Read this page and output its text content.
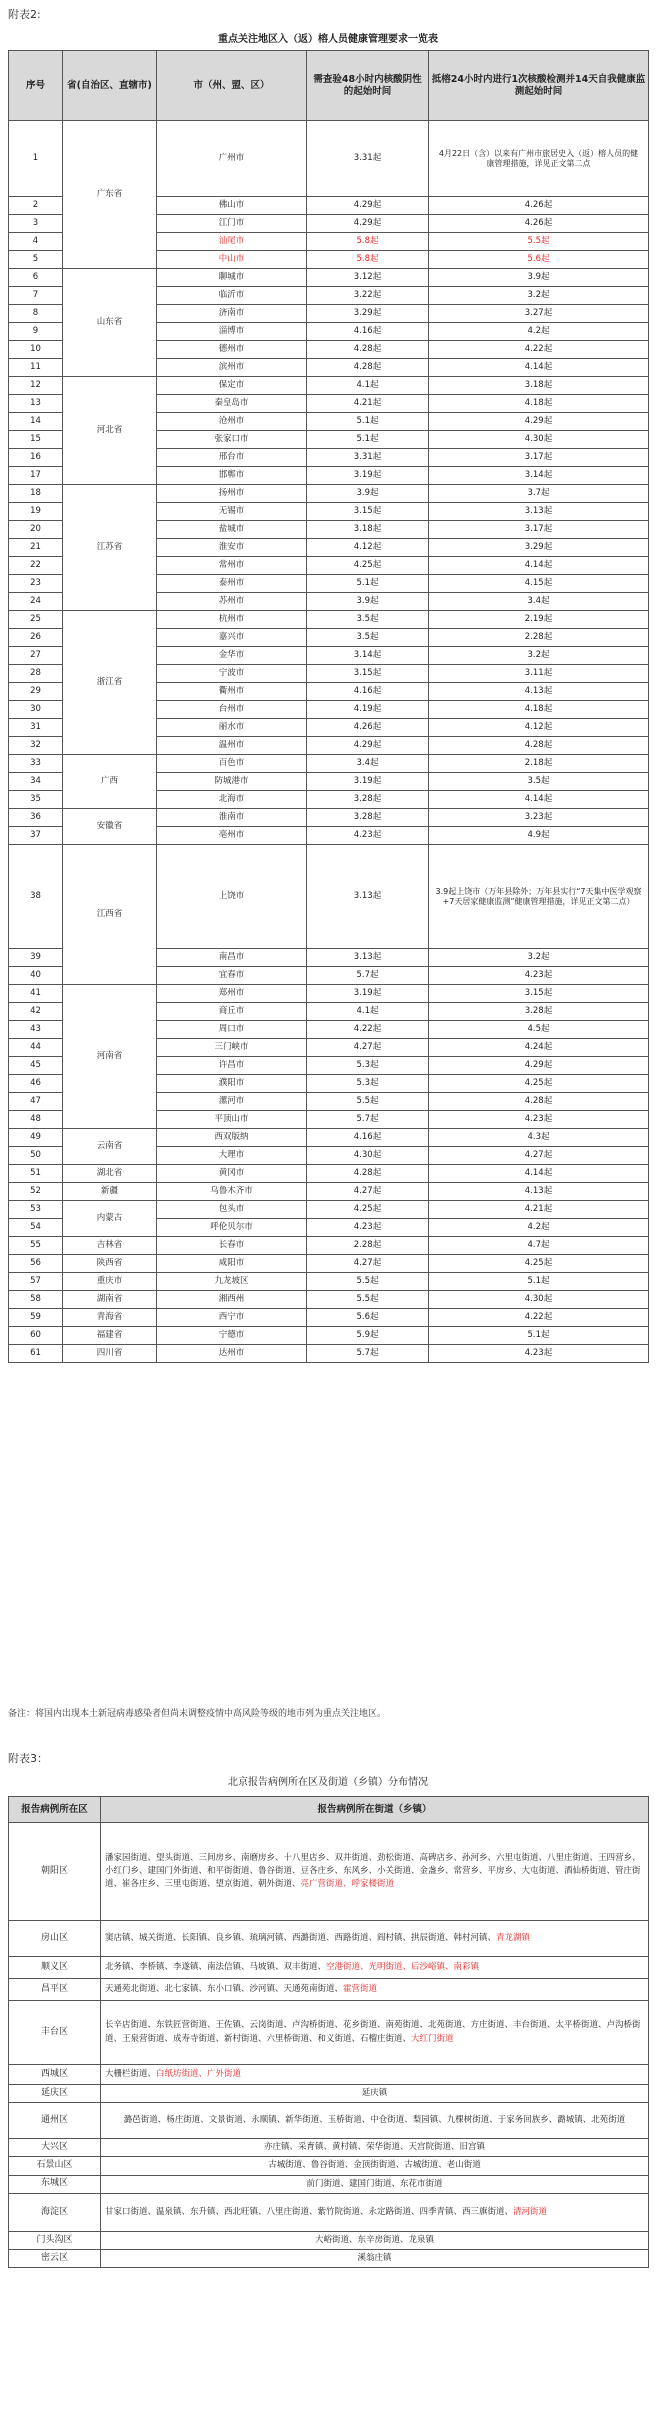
附表2:
重点关注地区入（返）榕人员健康管理要求一览表
序号	省(自治区、直辖市)	市（州、盟、区）	需查验48小时内核酸阴性的起始时间	抵榕24小时内进行1次核酸检测并14天自我健康监测起始时间
1	广东省	广州市	3.31起	4月22日（含）以来有广州市旅居史入（返）榕人员的健康管理措施，详见正文第二点
2		佛山市	4.29起	4.26起
3		江门市	4.29起	4.26起
4		汕尾市	5.8起	5.5起
5		中山市	5.8起	5.6起
6	山东省	聊城市	3.12起	3.9起
7		临沂市	3.22起	3.2起
8		济南市	3.29起	3.27起
9		淄博市	4.16起	4.2起
10		德州市	4.28起	4.22起
11		滨州市	4.28起	4.14起
12	河北省	保定市	4.1起	3.18起
13		秦皇岛市	4.21起	4.18起
14		沧州市	5.1起	4.29起
15		张家口市	5.1起	4.30起
16		邢台市	3.31起	3.17起
17		邯郸市	3.19起	3.14起
18	江苏省	扬州市	3.9起	3.7起
19		无锡市	3.15起	3.13起
20		盐城市	3.18起	3.17起
21		淮安市	4.12起	3.29起
22		常州市	4.25起	4.14起
23		泰州市	5.1起	4.15起
24		苏州市	3.9起	3.4起
25	浙江省	杭州市	3.5起	2.19起
26		嘉兴市	3.5起	2.28起
27		金华市	3.14起	3.2起
28		宁波市	3.15起	3.11起
29		衢州市	4.16起	4.13起
30		台州市	4.19起	4.18起
31		丽水市	4.26起	4.12起
32		温州市	4.29起	4.28起
33	广西	百色市	3.4起	2.18起
34		防城港市	3.19起	3.5起
35		北海市	3.28起	4.14起
36	安徽省	淮南市	3.28起	3.23起
37		亳州市	4.23起	4.9起
38	江西省	上饶市	3.13起	3.9起上饶市（万年县除外；万年县实行“7天集中医学观察+7天居家健康监测”健康管理措施，详见正文第二点）
39		南昌市	3.13起	3.2起
40		宜春市	5.7起	4.23起
41	河南省	郑州市	3.19起	3.15起
42		商丘市	4.1起	3.28起
43		周口市	4.22起	4.5起
44		三门峡市	4.27起	4.24起
45		许昌市	5.3起	4.29起
46		濮阳市	5.3起	4.25起
47		漯河市	5.5起	4.28起
48		平顶山市	5.7起	4.23起
49	云南省	西双版纳	4.16起	4.3起
50		大理市	4.30起	4.27起
51	湖北省	黄冈市	4.28起	4.14起
52	新疆	乌鲁木齐市	4.27起	4.13起
53	内蒙古	包头市	4.25起	4.21起
54		呼伦贝尔市	4.23起	4.2起
55	吉林省	长春市	2.28起	4.7起
56	陕西省	咸阳市	4.27起	4.25起
57	重庆市	九龙坡区	5.5起	5.1起
58	湖南省	湘西州	5.5起	4.30起
59	青海省	西宁市	5.6起	4.22起
60	福建省	宁德市	5.9起	5.1起
61	四川省	达州市	5.7起	4.23起
备注：将国内出现本土新冠病毒感染者但尚未调整疫情中高风险等级的地市列为重点关注地区。
附表3：
北京报告病例所在区及街道（乡镇）分布情况
报告病例所在区	报告病例所在街道（乡镇）
朝阳区	潘家园街道、望头街道、三间房乡、南磨房乡、十八里店乡、双井街道、劲松街道、高碑店乡、孙河乡、六里屯街道、八里庄街道、王四营乡、小红门乡、建国门外街道、和平街街道、鲁谷街道、豆各庄乡、东风乡、小关街道、金盏乡、常营乡、平房乡、大屯街道、酒仙桥街道、管庄街道、崔各庄乡、三里屯街道、望京街道、朝外街道、亮广营街道、呼家楼街道
房山区	窦店镇、城关街道、长阳镇、良乡镇、琉璃河镇、西潞街道、西路街道、阎村镇、拱辰街道、韩村河镇、青龙湖镇
顺义区	北务镇、李桥镇、李遂镇、南法信镇、马坡镇、双丰街道、空港街道、光明街道、后沙峪镇、南彩镇
昌平区	天通苑北街道、北七家镇、东小口镇、沙河镇、天通苑南街道、霍营街道
丰台区	长辛店街道、东铁匠营街道、王佐镇、云岗街道、卢沟桥街道、花乡街道、南苑街道、北苑街道、方庄街道、丰台街道、太平桥街道、卢沟桥街道、王泉营街道、成寿寺街道、新村街道、六里桥街道、和义街道、石榴庄街道、大红门街道
西城区	大栅栏街道、白纸坊街道、广外街道
延庆区	延庆镇
通州区	潞邑街道、杨庄街道、文景街道、永顺镇、新华街道、玉桥街道、中仓街道、梨园镇、九棵树街道、于家务回族乡、潞城镇、北苑街道
大兴区	亦庄镇、采育镇、黄村镇、荣华街道、天宫院街道、旧宫镇
石景山区	古城街道、鲁谷街道、金顶街街道、古城街道、老山街道
东城区	前门街道、建国门街道、东花市街道
海淀区	甘家口街道、温泉镇、东升镇、西北旺镇、八里庄街道、紫竹院街道、永定路街道、四季青镇、西三旗街道、清河街道
门头沟区	大峪街道、东辛房街道、龙泉镇
密云区	溪翁庄镇
